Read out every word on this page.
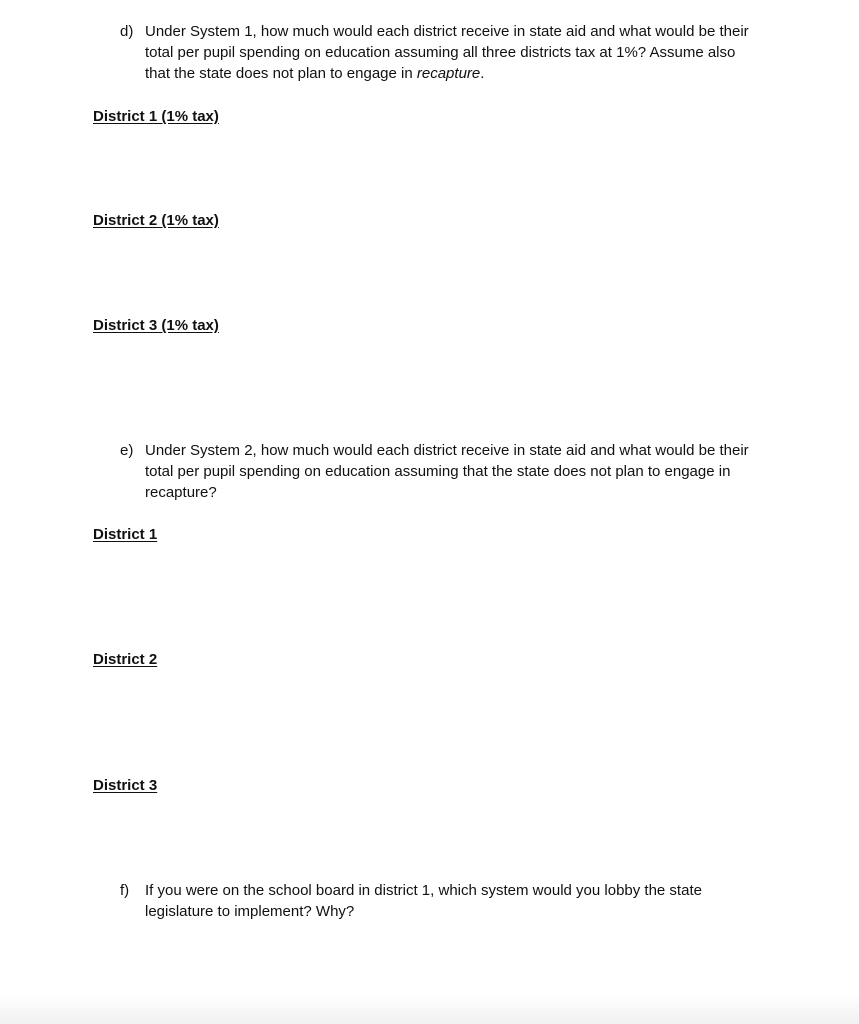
d) Under System 1, how much would each district receive in state aid and what would be their total per pupil spending on education assuming all three districts tax at 1%? Assume also that the state does not plan to engage in recapture.
District 1 (1% tax)
District 2 (1% tax)
District 3 (1% tax)
e) Under System 2, how much would each district receive in state aid and what would be their total per pupil spending on education assuming that the state does not plan to engage in recapture?
District 1
District 2
District 3
f) If you were on the school board in district 1, which system would you lobby the state legislature to implement? Why?
